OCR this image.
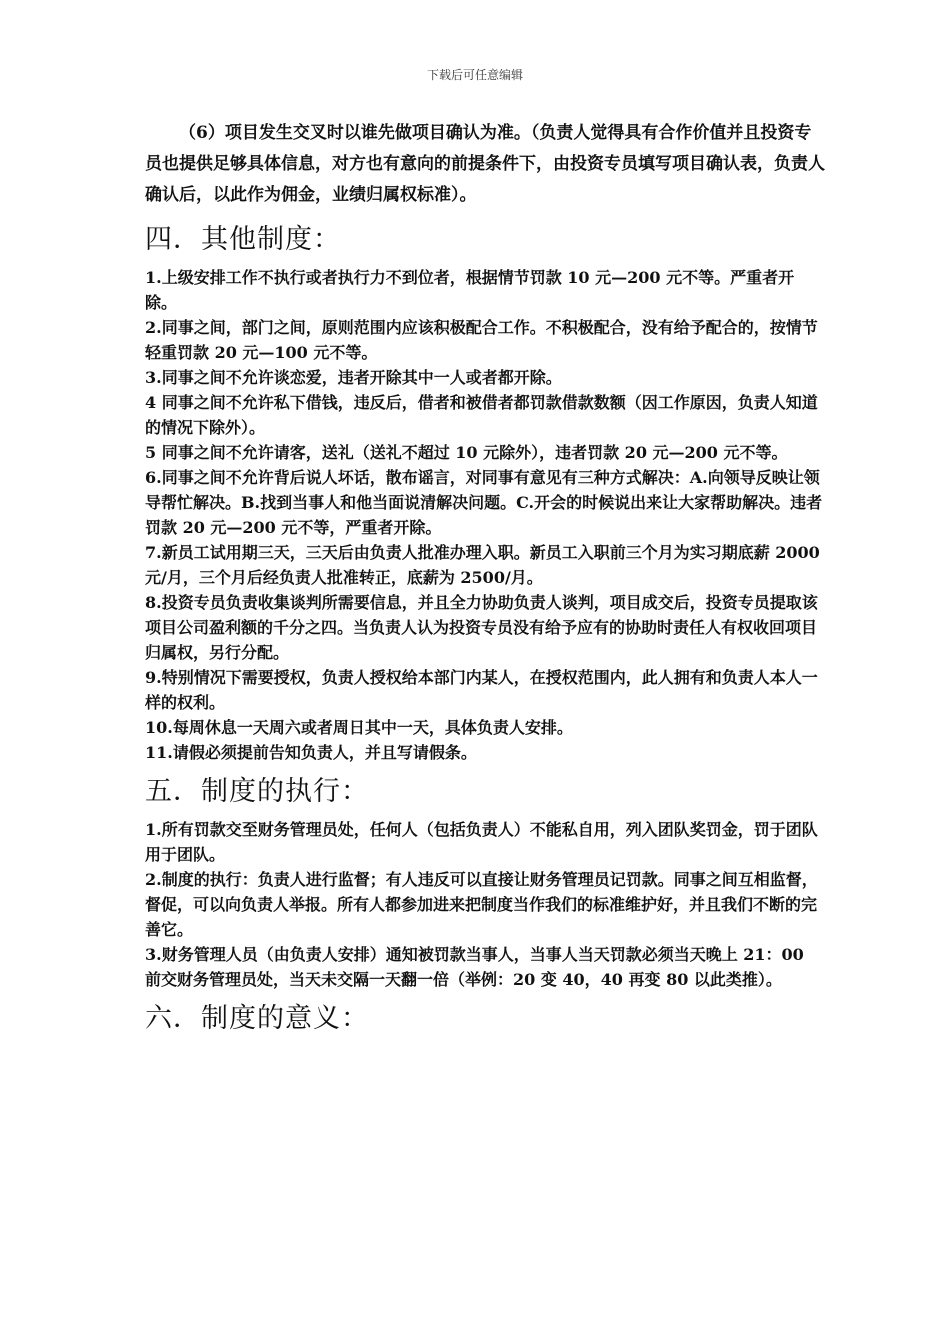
下载后可任意编辑

（6）项目发生交叉时以谁先做项目确认为准。（负责人觉得具有合作价值并且投资专员也提供足够具体信息，对方也有意向的前提条件下，由投资专员填写项目确认表，负责人确认后，以此作为佣金，业绩归属权标准）。

四．其他制度：

1.上级安排工作不执行或者执行力不到位者，根据情节罚款 10 元—200 元不等。严重者开除。

2.同事之间，部门之间，原则范围内应该积极配合工作。不积极配合，没有给予配合的，按情节轻重罚款 20 元—100 元不等。

3.同事之间不允许谈恋爱，违者开除其中一人或者都开除。

4 同事之间不允许私下借钱，违反后，借者和被借者都罚款借款数额（因工作原因，负责人知道的情况下除外）。

5 同事之间不允许请客，送礼（送礼不超过 10 元除外），违者罚款 20 元—200 元不等。

6.同事之间不允许背后说人坏话，散布谣言，对同事有意见有三种方式解决：A.向领导反映让领导帮忙解决。B.找到当事人和他当面说清解决问题。C.开会的时候说出来让大家帮助解决。违者罚款 20 元—200 元不等，严重者开除。

7.新员工试用期三天，三天后由负责人批准办理入职。新员工入职前三个月为实习期底薪 2000 元/月，三个月后经负责人批准转正，底薪为 2500/月。

8.投资专员负责收集谈判所需要信息，并且全力协助负责人谈判，项目成交后，投资专员提取该项目公司盈利额的千分之四。当负责人认为投资专员没有给予应有的协助时责任人有权收回项目归属权，另行分配。

9.特别情况下需要授权，负责人授权给本部门内某人，在授权范围内，此人拥有和负责人本人一样的权利。

10.每周休息一天周六或者周日其中一天，具体负责人安排。

11.请假必须提前告知负责人，并且写请假条。

五．制度的执行：

1.所有罚款交至财务管理员处，任何人（包括负责人）不能私自用，列入团队奖罚金，罚于团队用于团队。

2.制度的执行：负责人进行监督；有人违反可以直接让财务管理员记罚款。同事之间互相监督，督促，可以向负责人举报。所有人都参加进来把制度当作我们的标准维护好，并且我们不断的完善它。

3.财务管理人员（由负责人安排）通知被罚款当事人，当事人当天罚款必须当天晚上 21：00 前交财务管理员处，当天未交隔一天翻一倍（举例：20 变 40，40 再变 80 以此类推）。

六．制度的意义：
